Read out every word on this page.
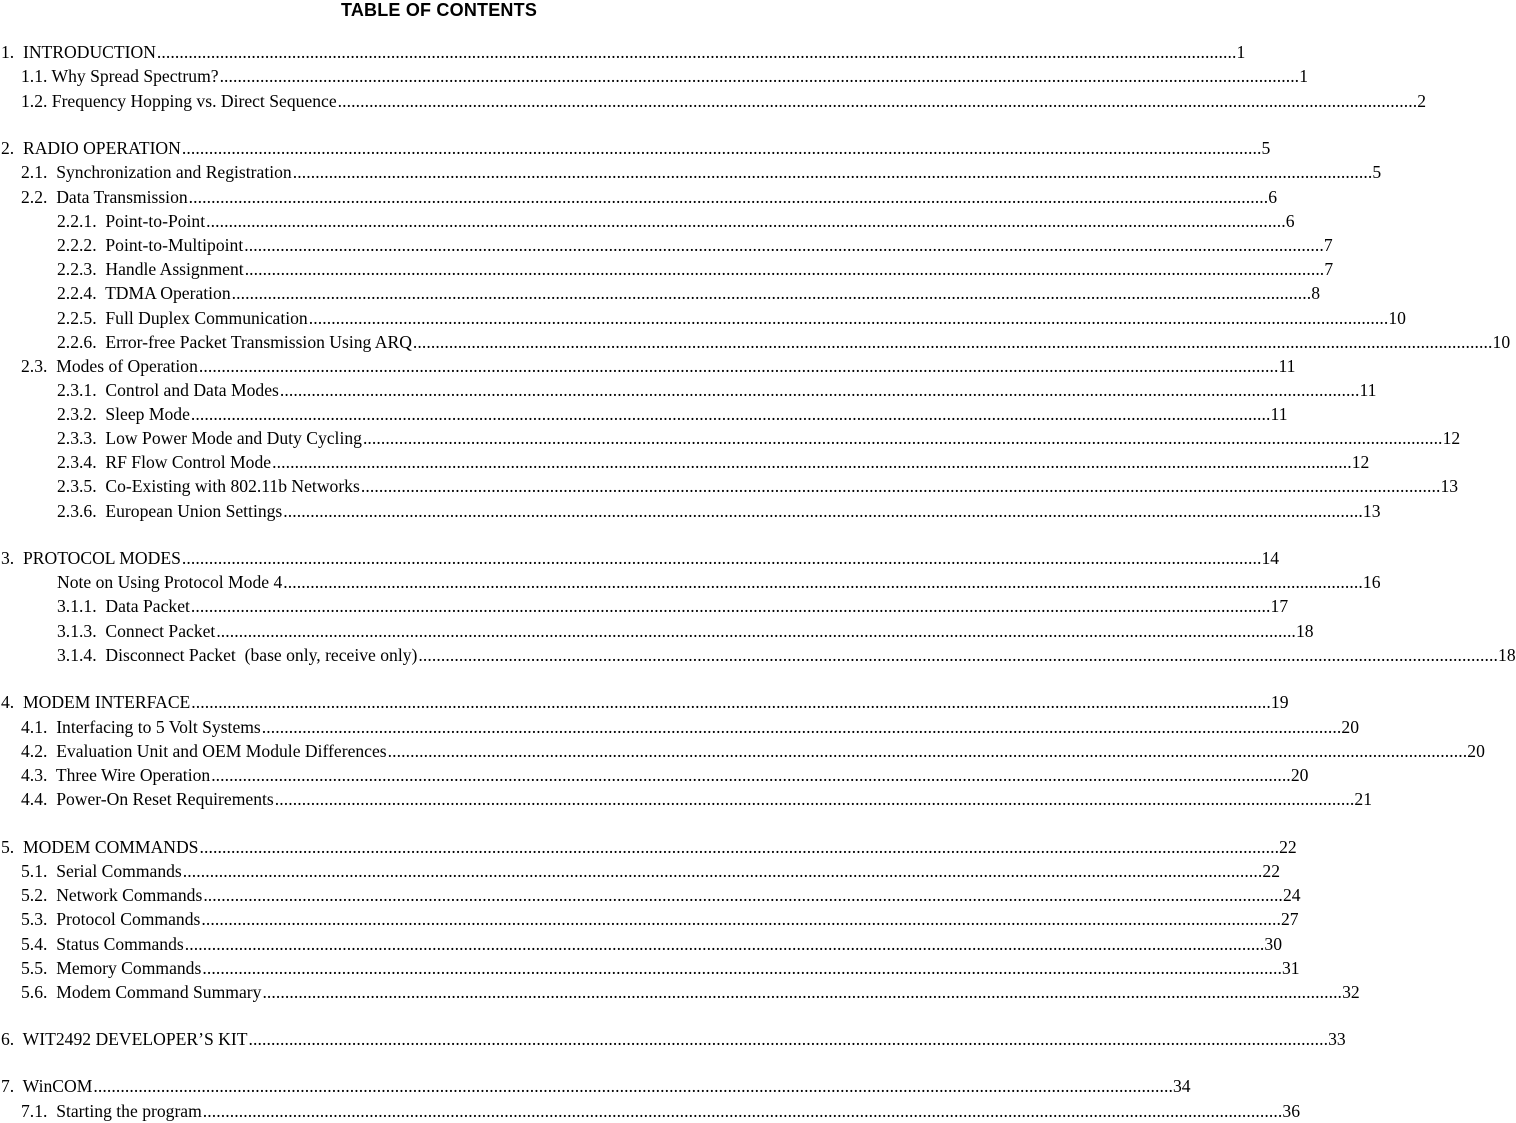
TABLE OF CONTENTS
1.  INTRODUCTION ................................................................................................................................................................................................................................................ 1
1.1. Why Spread Spectrum? ................................................................................................................................................................................................................................................ 1
1.2. Frequency Hopping vs. Direct Sequence ................................................................................................................................................................................................................................................ 2
2.  RADIO OPERATION ................................................................................................................................................................................................................................................ 5
2.1.  Synchronization and Registration ................................................................................................................................................................................................................................................ 5
2.2.  Data Transmission ................................................................................................................................................................................................................................................ 6
2.2.1.  Point-to-Point ................................................................................................................................................................................................................................................ 6
2.2.2.  Point-to-Multipoint ................................................................................................................................................................................................................................................ 7
2.2.3.  Handle Assignment ................................................................................................................................................................................................................................................ 7
2.2.4.  TDMA Operation ................................................................................................................................................................................................................................................ 8
2.2.5.  Full Duplex Communication ................................................................................................................................................................................................................................................ 10
2.2.6.  Error-free Packet Transmission Using ARQ ................................................................................................................................................................................................................................................ 10
2.3.  Modes of Operation ................................................................................................................................................................................................................................................ 11
2.3.1.  Control and Data Modes ................................................................................................................................................................................................................................................ 11
2.3.2.  Sleep Mode ................................................................................................................................................................................................................................................ 11
2.3.3.  Low Power Mode and Duty Cycling ................................................................................................................................................................................................................................................ 12
2.3.4.  RF Flow Control Mode ................................................................................................................................................................................................................................................ 12
2.3.5.  Co-Existing with 802.11b Networks ................................................................................................................................................................................................................................................ 13
2.3.6.  European Union Settings ................................................................................................................................................................................................................................................ 13
3.  PROTOCOL MODES ................................................................................................................................................................................................................................................ 14
Note on Using Protocol Mode 4 ................................................................................................................................................................................................................................................ 16
3.1.1.  Data Packet ................................................................................................................................................................................................................................................ 17
3.1.3.  Connect Packet ................................................................................................................................................................................................................................................ 18
3.1.4.  Disconnect Packet  (base only, receive only) ................................................................................................................................................................................................................................................ 18
4.  MODEM INTERFACE ................................................................................................................................................................................................................................................ 19
4.1.  Interfacing to 5 Volt Systems ................................................................................................................................................................................................................................................ 20
4.2.  Evaluation Unit and OEM Module Differences ................................................................................................................................................................................................................................................ 20
4.3.  Three Wire Operation ................................................................................................................................................................................................................................................ 20
4.4.  Power-On Reset Requirements ................................................................................................................................................................................................................................................ 21
5.  MODEM COMMANDS ................................................................................................................................................................................................................................................ 22
5.1.  Serial Commands ................................................................................................................................................................................................................................................ 22
5.2.  Network Commands ................................................................................................................................................................................................................................................ 24
5.3.  Protocol Commands ................................................................................................................................................................................................................................................ 27
5.4.  Status Commands ................................................................................................................................................................................................................................................ 30
5.5.  Memory Commands ................................................................................................................................................................................................................................................ 31
5.6.  Modem Command Summary ................................................................................................................................................................................................................................................ 32
6.  WIT2492 DEVELOPER’S KIT ................................................................................................................................................................................................................................................ 33
7.  WinCOM ................................................................................................................................................................................................................................................ 34
7.1.  Starting the program ................................................................................................................................................................................................................................................ 36
